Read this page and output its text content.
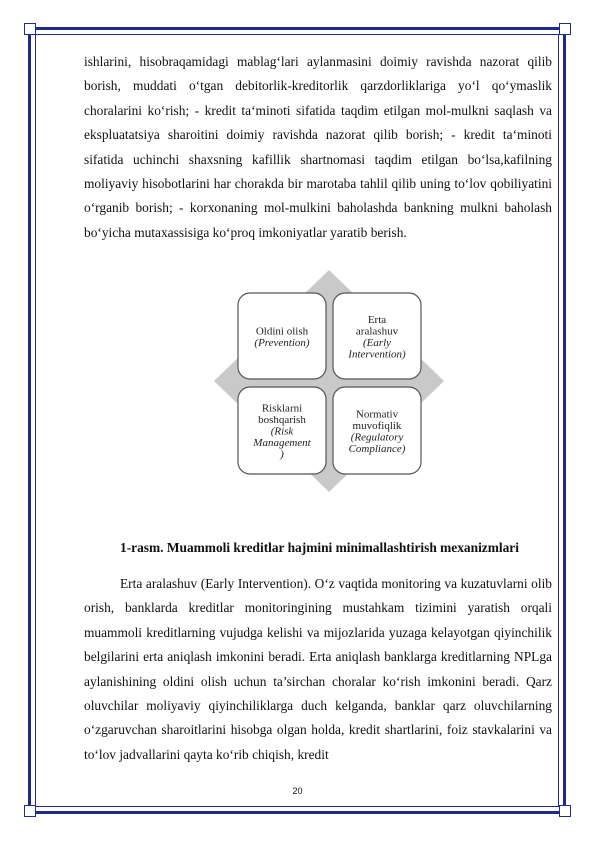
ishlarini, hisobraqamidagi mablag‘lari aylanmasini doimiy ravishda nazorat qilib borish, muddati o‘tgan debitorlik-kreditorlik qarzdorliklariga yo‘l qo‘ymaslik choralarini ko‘rish; - kredit ta‘minoti sifatida taqdim etilgan mol-mulkni saqlash va ekspluatatsiya sharoitini doimiy ravishda nazorat qilib borish; - kredit ta‘minoti sifatida uchinchi shaxsning kafillik shartnomasi taqdim etilgan bo‘lsa,kafilning moliyaviy hisobotlarini har chorakda bir marotaba tahlil qilib uning to‘lov qobiliyatini o‘rganib borish; - korxonaning mol-mulkini baholashda bankning mulkni baholash bo‘yicha mutaxassisiga ko‘proq imkoniyatlar yaratib berish.

Oldini olish
(Prevention)
Erta
aralashuv
(Early
Intervention)
Risklarni
boshqarish
(Risk
Management
)
Normativ
muvofiqlik
(Regulatory
Compliance)
1-rasm. Muammoli kreditlar hajmini minimallashtirish mexanizmlari

Erta aralashuv (Early Intervention). O‘z vaqtida monitoring va kuzatuvlarni olib orish, banklarda kreditlar monitoringining mustahkam tizimini yaratish orqali muammoli kreditlarning vujudga kelishi va mijozlarida yuzaga kelayotgan qiyinchilik belgilarini erta aniqlash imkonini beradi. Erta aniqlash banklarga kreditlarning NPLga aylanishining oldini olish uchun ta’sirchan choralar ko‘rish imkonini beradi. Qarz oluvchilar moliyaviy qiyinchiliklarga duch kelganda, banklar qarz oluvchilarning o‘zgaruvchan sharoitlarini hisobga olgan holda, kredit shartlarini, foiz stavkalarini va to‘lov jadvallarini qayta ko‘rib chiqish, kredit

20
